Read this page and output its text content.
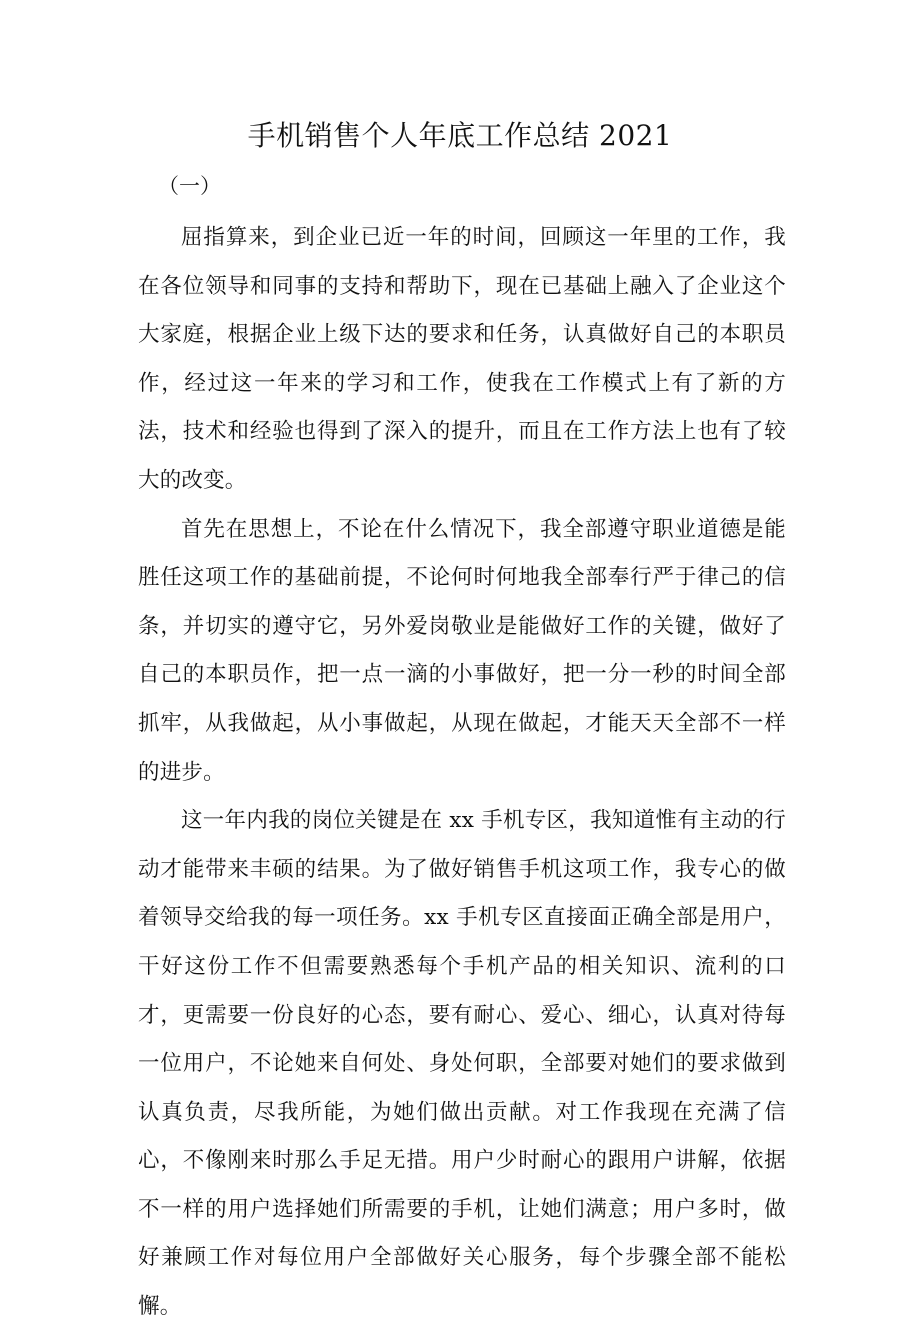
手机销售个人年底工作总结 2021
（一）

屈指算来，到企业已近一年的时间，回顾这一年里的工作，我在各位领导和同事的支持和帮助下，现在已基础上融入了企业这个大家庭，根据企业上级下达的要求和任务，认真做好自己的本职员作，经过这一年来的学习和工作，使我在工作模式上有了新的方法，技术和经验也得到了深入的提升，而且在工作方法上也有了较大的改变。

首先在思想上，不论在什么情况下，我全部遵守职业道德是能胜任这项工作的基础前提，不论何时何地我全部奉行严于律己的信条，并切实的遵守它，另外爱岗敬业是能做好工作的关键，做好了自己的本职员作，把一点一滴的小事做好，把一分一秒的时间全部抓牢，从我做起，从小事做起，从现在做起，才能天天全部不一样的进步。

这一年内我的岗位关键是在 xx 手机专区，我知道惟有主动的行动才能带来丰硕的结果。为了做好销售手机这项工作，我专心的做着领导交给我的每一项任务。xx 手机专区直接面正确全部是用户，干好这份工作不但需要熟悉每个手机产品的相关知识、流利的口才，更需要一份良好的心态，要有耐心、爱心、细心，认真对待每一位用户，不论她来自何处、身处何职，全部要对她们的要求做到认真负责，尽我所能，为她们做出贡献。对工作我现在充满了信心，不像刚来时那么手足无措。用户少时耐心的跟用户讲解，依据不一样的用户选择她们所需要的手机，让她们满意；用户多时，做好兼顾工作对每位用户全部做好关心服务，每个步骤全部不能松懈。
